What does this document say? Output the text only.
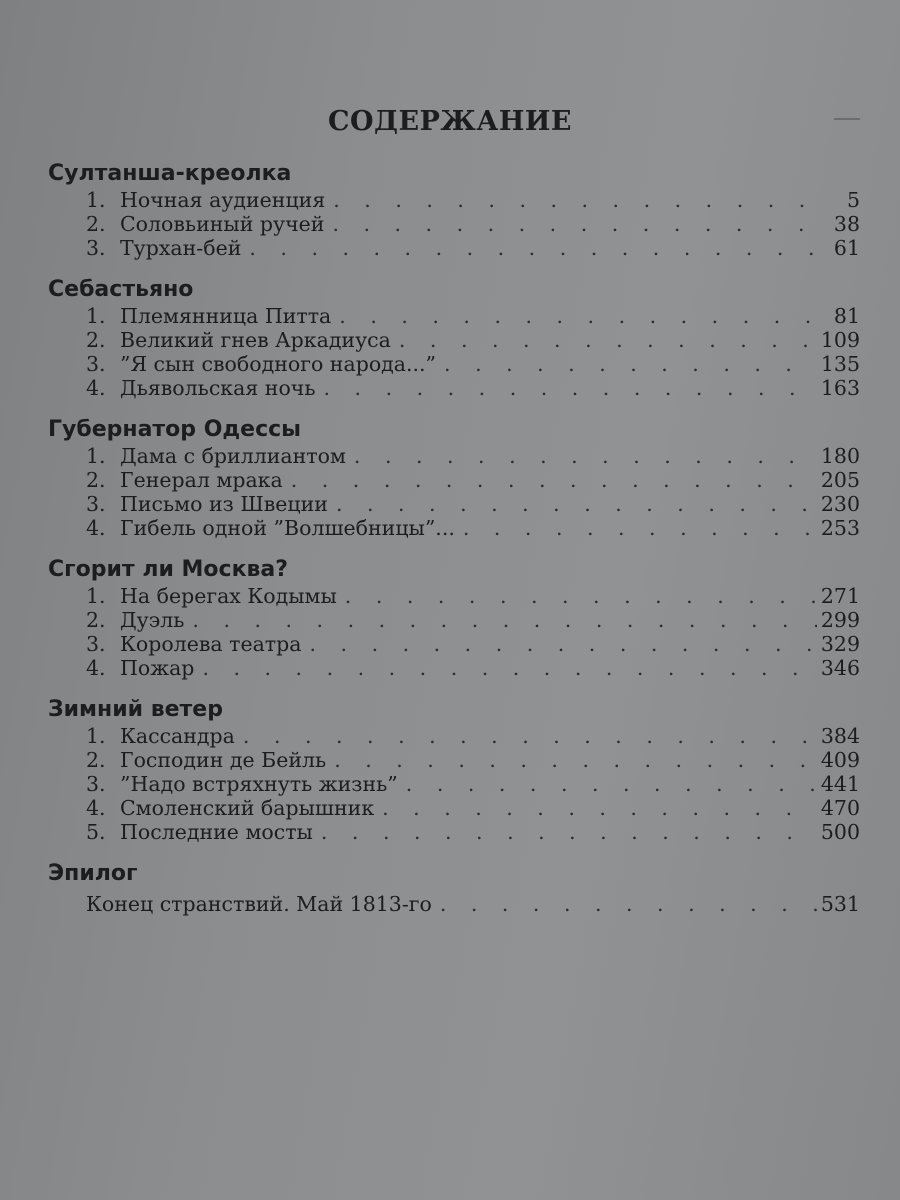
СОДЕРЖАНИЕ
Султанша-креолка
1. Ночная аудиенция . . .	5
2. Соловьиный ручей . . .	38
3. Турхан-бей . . .	61
Себастьяно
1. Племянница Питта . . .	81
2. Великий гнев Аркадиуса . . .	109
3. ”Я сын свободного народа...” . . .	135
4. Дьявольская ночь . . .	163
Губернатор Одессы
1. Дама с бриллиантом . . .	180
2. Генерал мрака . . .	205
3. Письмо из Швеции . . .	230
4. Гибель одной ”Волшебницы”... . . .	253
Сгорит ли Москва?
1. На берегах Кодымы . . .	271
2. Дуэль . . .	299
3. Королева театра . . .	329
4. Пожар . . .	346
Зимний ветер
1. Кассандра . . .	384
2. Господин де Бейль . . .	409
3. ”Надо встряхнуть жизнь” . . .	441
4. Смоленский барышник . . .	470
5. Последние мосты . . .	500
Эпилог
Конец странствий. Май 1813-го . . .	531
